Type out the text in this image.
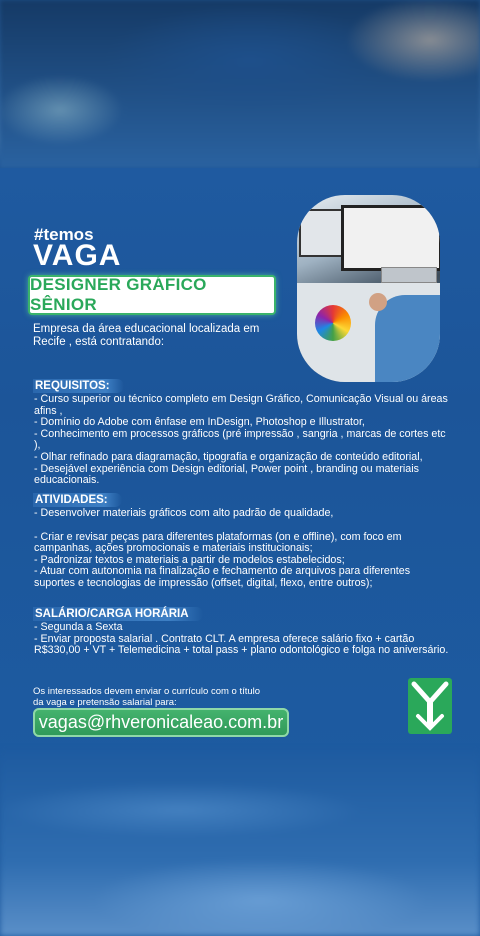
#temos
VAGA
DESIGNER GRÁFICO SÊNIOR
Empresa da área educacional localizada em Recife , está contratando:
REQUISITOS:
- Curso superior ou técnico completo em Design Gráfico, Comunicação Visual ou áreas afins ,
- Domínio do Adobe com ênfase em InDesign, Photoshop e Illustrator,
- Conhecimento em processos gráficos (pré impressão , sangria , marcas de cortes etc ),
- Olhar refinado para diagramação, tipografia e organização de conteúdo editorial,
- Desejável experiência com Design editorial, Power point , branding ou materiais educacionais.
ATIVIDADES:
- Desenvolver materiais gráficos com alto padrão de qualidade,
- Criar e revisar peças para diferentes plataformas (on e offline), com foco em campanhas, ações promocionais e materiais institucionais;
- Padronizar textos e materiais a partir de modelos estabelecidos;
- Atuar com autonomia na finalização e fechamento de arquivos para diferentes suportes e tecnologias de impressão (offset, digital, flexo, entre outros);
SALÁRIO/CARGA HORÁRIA
- Segunda a Sexta
- Enviar proposta salarial . Contrato CLT. A empresa oferece salário fixo + cartão R$330,00 + VT + Telemedicina + total pass + plano odontológico e folga no aniversário.
Os interessados devem enviar o currículo com o título da vaga e pretensão salarial para:
vagas@rhveronicaleao.com.br
